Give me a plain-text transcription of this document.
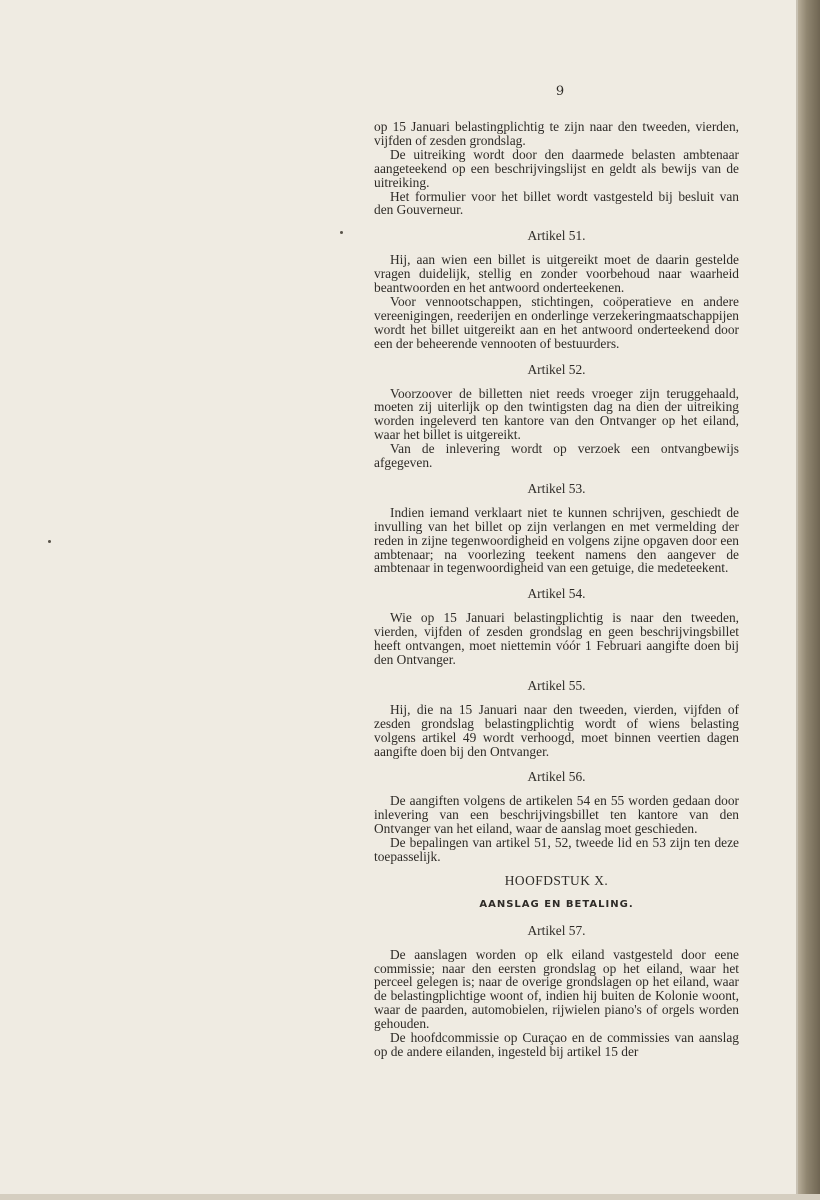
9

op 15 Januari belastingplichtig te zijn naar den tweeden, vierden, vijfden of zesden grondslag.

De uitreiking wordt door den daarmede belasten ambtenaar aangeteekend op een beschrijvingslijst en geldt als bewijs van de uitreiking.

Het formulier voor het billet wordt vastgesteld bij besluit van den Gouverneur.

Artikel 51.

Hij, aan wien een billet is uitgereikt moet de daarin gestelde vragen duidelijk, stellig en zonder voorbehoud naar waarheid beantwoorden en het antwoord onderteekenen.

Voor vennootschappen, stichtingen, coöperatieve en andere vereenigingen, reederijen en onderlinge verzekeringmaatschappijen wordt het billet uitgereikt aan en het antwoord onderteekend door een der beheerende vennooten of bestuurders.

Artikel 52.

Voorzoover de billetten niet reeds vroeger zijn teruggehaald, moeten zij uiterlijk op den twintigsten dag na dien der uitreiking worden ingeleverd ten kantore van den Ontvanger op het eiland, waar het billet is uitgereikt.

Van de inlevering wordt op verzoek een ontvangbewijs afgegeven.

Artikel 53.

Indien iemand verklaart niet te kunnen schrijven, geschiedt de invulling van het billet op zijn verlangen en met vermelding der reden in zijne tegenwoordigheid en volgens zijne opgaven door een ambtenaar; na voorlezing teekent namens den aangever de ambtenaar in tegenwoordigheid van een getuige, die medeteekent.

Artikel 54.

Wie op 15 Januari belastingplichtig is naar den tweeden, vierden, vijfden of zesden grondslag en geen beschrijvingsbillet heeft ontvangen, moet niettemin vóór 1 Februari aangifte doen bij den Ontvanger.

Artikel 55.

Hij, die na 15 Januari naar den tweeden, vierden, vijfden of zesden grondslag belastingplichtig wordt of wiens belasting volgens artikel 49 wordt verhoogd, moet binnen veertien dagen aangifte doen bij den Ontvanger.

Artikel 56.

De aangiften volgens de artikelen 54 en 55 worden gedaan door inlevering van een beschrijvingsbillet ten kantore van den Ontvanger van het eiland, waar de aanslag moet geschieden.

De bepalingen van artikel 51, 52, tweede lid en 53 zijn ten deze toepasselijk.

HOOFDSTUK X.
AANSLAG EN BETALING.

Artikel 57.

De aanslagen worden op elk eiland vastgesteld door eene commissie; naar den eersten grondslag op het eiland, waar het perceel gelegen is; naar de overige grondslagen op het eiland, waar de belastingplichtige woont of, indien hij buiten de Kolonie woont, waar de paarden, automobielen, rijwielen piano's of orgels worden gehouden.

De hoofdcommissie op Curaçao en de commissies van aanslag op de andere eilanden, ingesteld bij artikel 15 der
